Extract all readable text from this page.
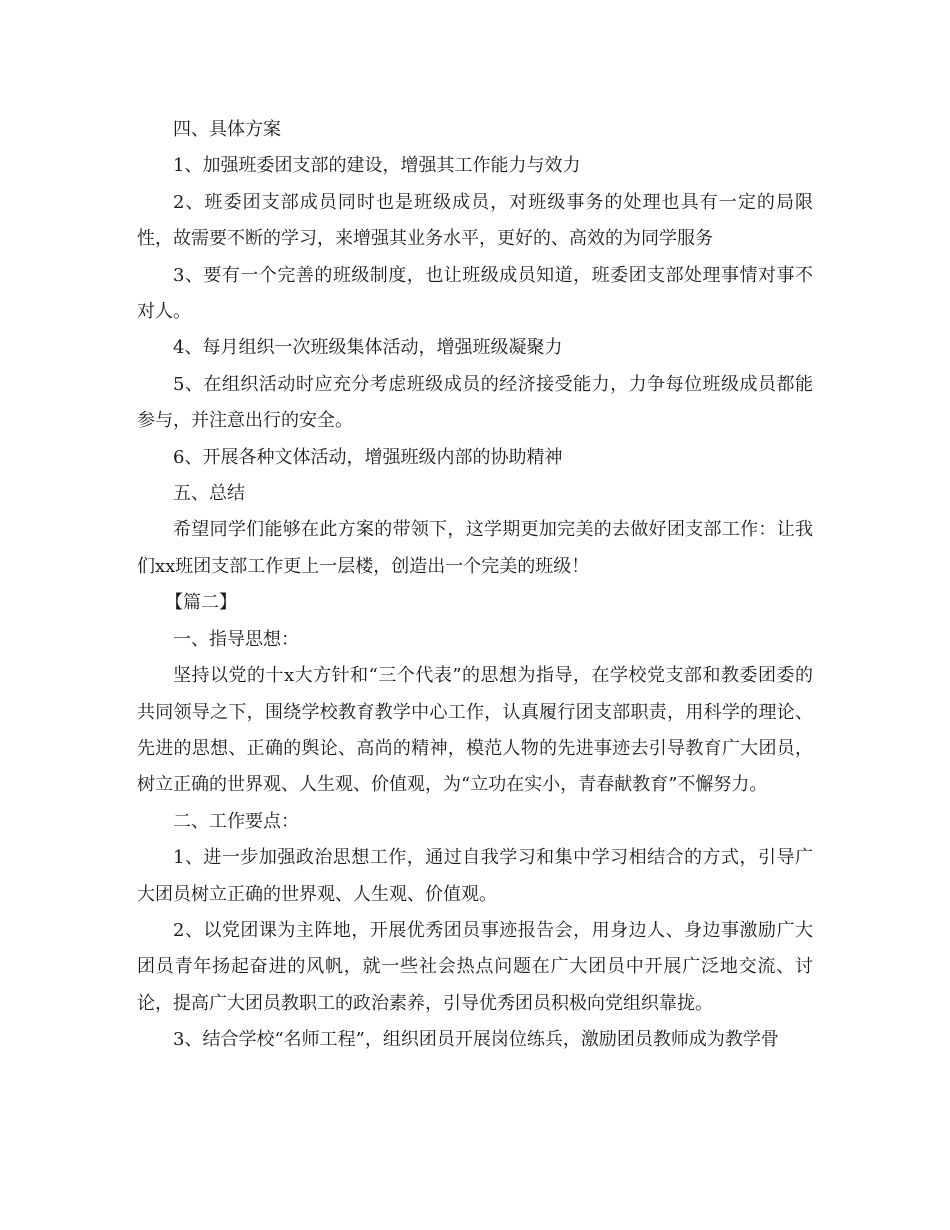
四、具体方案

1、加强班委团支部的建设，增强其工作能力与效力

2、班委团支部成员同时也是班级成员，对班级事务的处理也具有一定的局限性，故需要不断的学习，来增强其业务水平，更好的、高效的为同学服务

3、要有一个完善的班级制度，也让班级成员知道，班委团支部处理事情对事不对人。

4、每月组织一次班级集体活动，增强班级凝聚力

5、在组织活动时应充分考虑班级成员的经济接受能力，力争每位班级成员都能参与，并注意出行的安全。

6、开展各种文体活动，增强班级内部的协助精神

五、总结

希望同学们能够在此方案的带领下，这学期更加完美的去做好团支部工作：让我们xx班团支部工作更上一层楼，创造出一个完美的班级！

【篇二】

一、指导思想：

坚持以党的十x大方针和“三个代表”的思想为指导，在学校党支部和教委团委的共同领导之下，围绕学校教育教学中心工作，认真履行团支部职责，用科学的理论、先进的思想、正确的舆论、高尚的精神，模范人物的先进事迹去引导教育广大团员，树立正确的世界观、人生观、价值观，为“立功在实小，青春献教育”不懈努力。

二、工作要点：

1、进一步加强政治思想工作，通过自我学习和集中学习相结合的方式，引导广大团员树立正确的世界观、人生观、价值观。

2、以党团课为主阵地，开展优秀团员事迹报告会，用身边人、身边事激励广大团员青年扬起奋进的风帆，就一些社会热点问题在广大团员中开展广泛地交流、讨论，提高广大团员教职工的政治素养，引导优秀团员积极向党组织靠拢。

3、结合学校“名师工程”，组织团员开展岗位练兵，激励团员教师成为教学骨
